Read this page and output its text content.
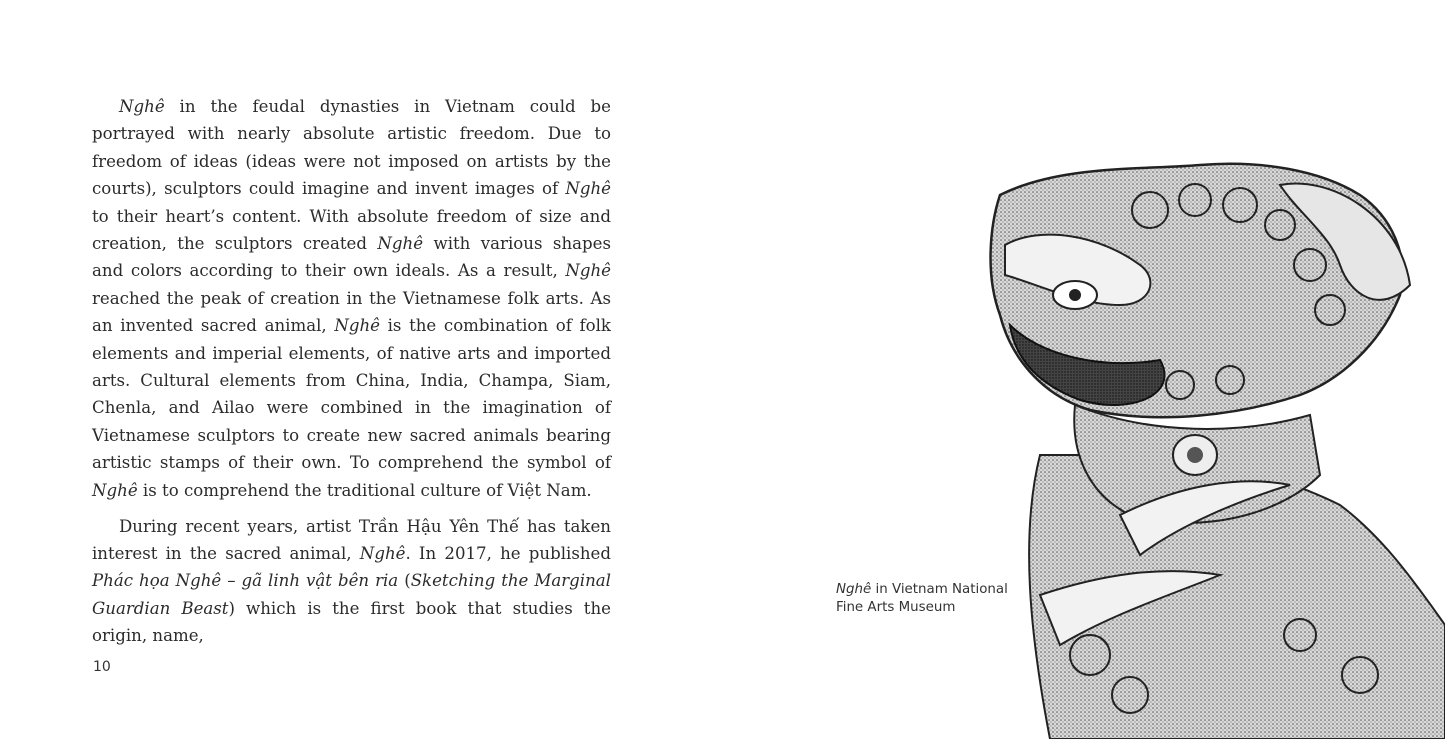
Nghê in the feudal dynasties in Vietnam could be portrayed with nearly absolute artistic freedom. Due to freedom of ideas (ideas were not imposed on artists by the courts), sculptors could imagine and invent images of Nghê to their heart’s content. With absolute freedom of size and creation, the sculptors created Nghê with various shapes and colors according to their own ideals. As a result, Nghê reached the peak of creation in the Vietnamese folk arts. As an invented sacred animal, Nghê is the combination of folk elements and imperial elements, of native arts and imported arts. Cultural elements from China, India, Champa, Siam, Chenla, and Ailao were combined in the imagination of Vietnamese sculptors to create new sacred animals bearing artistic stamps of their own. To comprehend the symbol of Nghê is to comprehend the traditional culture of Việt Nam.

During recent years, artist Trần Hậu Yên Thế has taken interest in the sacred animal, Nghê. In 2017, he published Phác họa Nghê – gã linh vật bên ria (Sketching the Marginal Guardian Beast) which is the first book that studies the origin, name,

10
Nghê in Vietnam National
Fine Arts Museum
